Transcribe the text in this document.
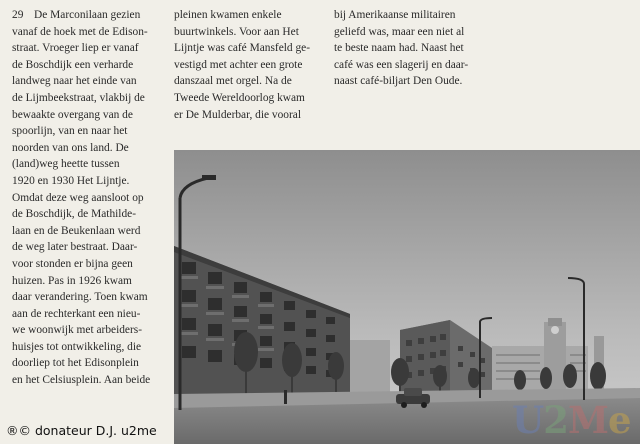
29 De Marconilaan gezien
vanaf de hoek met de Edison-
straat. Vroeger liep er vanaf
de Boschdijk een verharde
landweg naar het einde van
de Lijmbeekstraat, vlakbij de
bewaakte overgang van de
spoorlijn, van en naar het
noorden van ons land. De
(land)weg heette tussen
1920 en 1930 Het Lijntje.
Omdat deze weg aansloot op
de Boschdijk, de Mathilde-
laan en de Beukenlaan werd
de weg later bestraat. Daar-
voor stonden er bijna geen
huizen. Pas in 1926 kwam
daar verandering. Toen kwam
aan de rechterkant een nieu-
we woonwijk met arbeiders-
huisjes tot ontwikkeling, die
doorliep tot het Edisonplein
en het Celsiusplein. Aan beide
pleinen kwamen enkele
buurtwinkels. Voor aan Het
Lijntje was café Mansfeld ge-
vestigd met achter een grote
danszaal met orgel. Na de
Tweede Wereldoorlog kwam
er De Mulderbar, die vooral
bij Amerikaanse militairen
geliefd was, maar een niet al
te beste naam had. Naast het
café was een slagerij en daar-
naast café-biljart Den Oude.
U2Me
®© donateur D.J. u2me
